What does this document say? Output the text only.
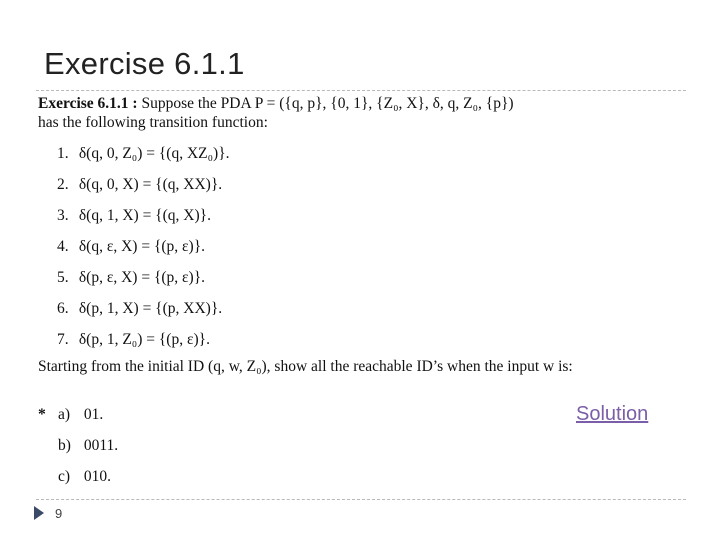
Exercise 6.1.1
Exercise 6.1.1 : Suppose the PDA P = ({q, p}, {0, 1}, {Z₀, X}, δ, q, Z₀, {p})
has the following transition function:
1. δ(q, 0, Z₀) = {(q, XZ₀)}.
2. δ(q, 0, X) = {(q, XX)}.
3. δ(q, 1, X) = {(q, X)}.
4. δ(q, ε, X) = {(p, ε)}.
5. δ(p, ε, X) = {(p, ε)}.
6. δ(p, 1, X) = {(p, XX)}.
7. δ(p, 1, Z₀) = {(p, ε)}.
Starting from the initial ID (q, w, Z₀), show all the reachable ID’s when the input w is:
* a) 01.
b) 0011.
c) 010.
Solution
9
